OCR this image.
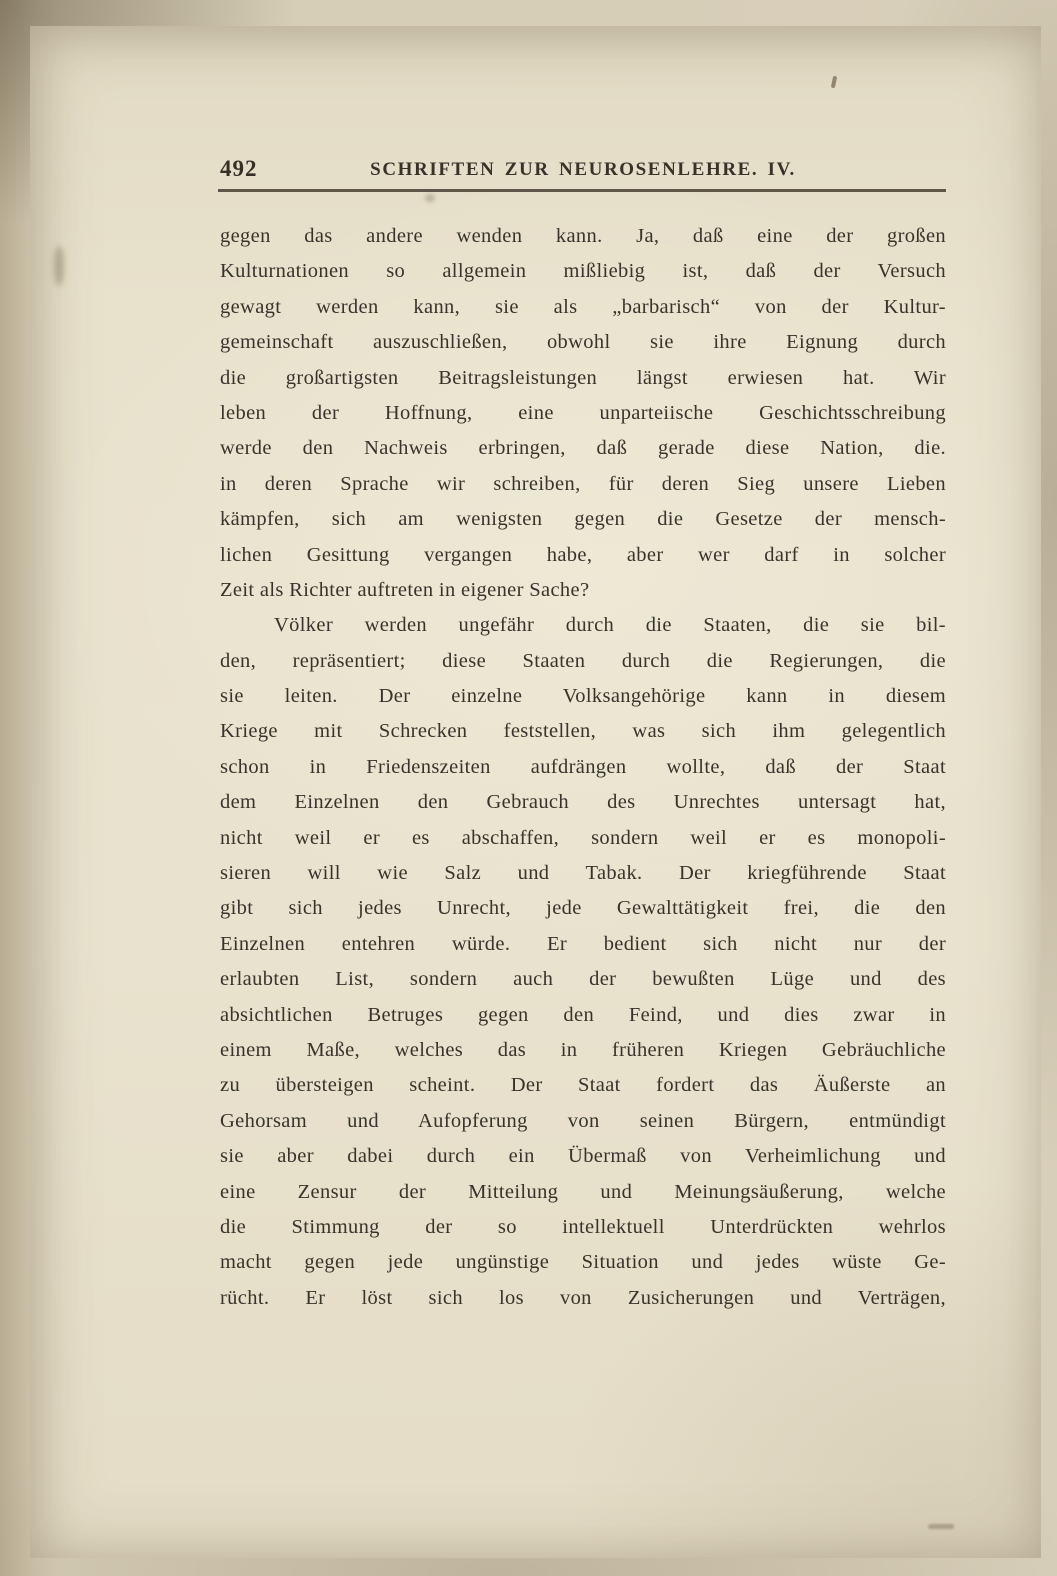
492	SCHRIFTEN ZUR NEUROSENLEHRE. IV.
gegen das andere wenden kann. Ja, daß eine der großen
Kulturnationen so allgemein mißliebig ist, daß der Versuch
gewagt werden kann, sie als „barbarisch“ von der Kultur-
gemeinschaft auszuschließen, obwohl sie ihre Eignung durch
die großartigsten Beitragsleistungen längst erwiesen hat. Wir
leben der Hoffnung, eine unparteiische Geschichtsschreibung
werde den Nachweis erbringen, daß gerade diese Nation, die.
in deren Sprache wir schreiben, für deren Sieg unsere Lieben
kämpfen, sich am wenigsten gegen die Gesetze der mensch-
lichen Gesittung vergangen habe, aber wer darf in solcher
Zeit als Richter auftreten in eigener Sache?
Völker werden ungefähr durch die Staaten, die sie bil-
den, repräsentiert; diese Staaten durch die Regierungen, die
sie leiten. Der einzelne Volksangehörige kann in diesem
Kriege mit Schrecken feststellen, was sich ihm gelegentlich
schon in Friedenszeiten aufdrängen wollte, daß der Staat
dem Einzelnen den Gebrauch des Unrechtes untersagt hat,
nicht weil er es abschaffen, sondern weil er es monopoli-
sieren will wie Salz und Tabak. Der kriegführende Staat
gibt sich jedes Unrecht, jede Gewalttätigkeit frei, die den
Einzelnen entehren würde. Er bedient sich nicht nur der
erlaubten List, sondern auch der bewußten Lüge und des
absichtlichen Betruges gegen den Feind, und dies zwar in
einem Maße, welches das in früheren Kriegen Gebräuchliche
zu übersteigen scheint. Der Staat fordert das Äußerste an
Gehorsam und Aufopferung von seinen Bürgern, entmündigt
sie aber dabei durch ein Übermaß von Verheimlichung und
eine Zensur der Mitteilung und Meinungsäußerung, welche
die Stimmung der so intellektuell Unterdrückten wehrlos
macht gegen jede ungünstige Situation und jedes wüste Ge-
rücht. Er löst sich los von Zusicherungen und Verträgen,
